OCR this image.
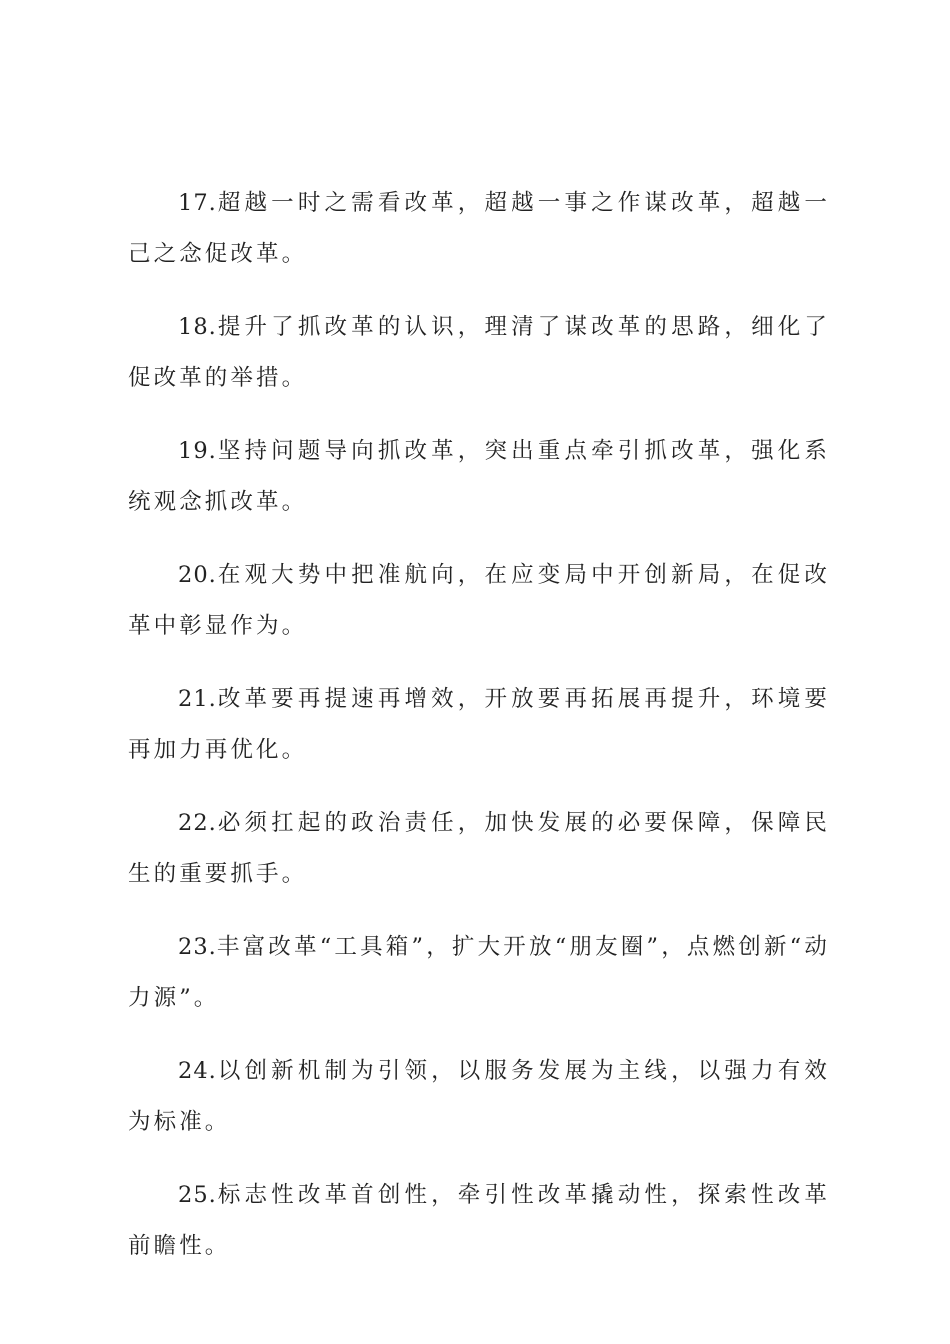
17.超越一时之需看改革，超越一事之作谋改革，超越一己之念促改革。

18.提升了抓改革的认识，理清了谋改革的思路，细化了促改革的举措。

19.坚持问题导向抓改革，突出重点牵引抓改革，强化系统观念抓改革。

20.在观大势中把准航向，在应变局中开创新局，在促改革中彰显作为。

21.改革要再提速再增效，开放要再拓展再提升，环境要再加力再优化。

22.必须扛起的政治责任，加快发展的必要保障，保障民生的重要抓手。

23.丰富改革“工具箱”，扩大开放“朋友圈”，点燃创新“动力源”。

24.以创新机制为引领，以服务发展为主线，以强力有效为标准。

25.标志性改革首创性，牵引性改革撬动性，探索性改革前瞻性。
